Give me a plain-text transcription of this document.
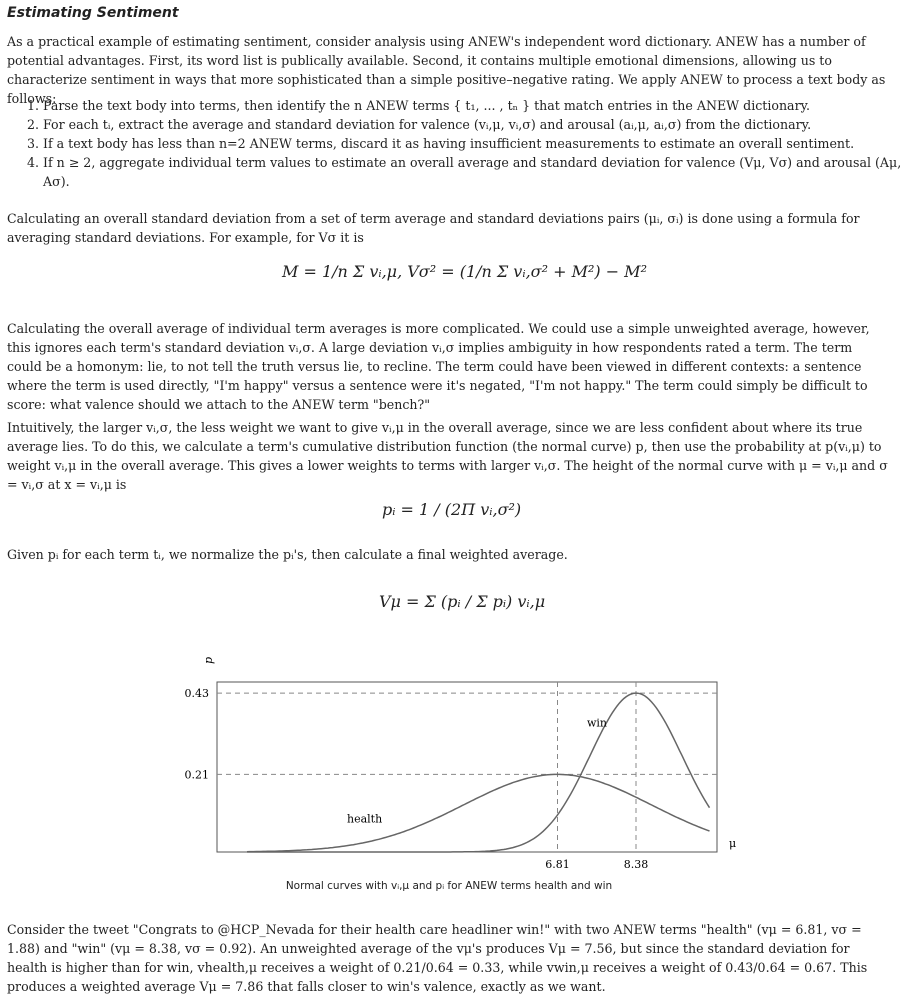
Estimating Sentiment

As a practical example of estimating sentiment, consider analysis using ANEW's independent word dictionary. ANEW has a number of potential advantages. First, its word list is publically available. Second, it contains multiple emotional dimensions, allowing us to characterize sentiment in ways that more sophisticated than a simple positive–negative rating. We apply ANEW to process a text body as follows:

1. Parse the text body into terms, then identify the n ANEW terms { t₁, ... , tₙ } that match entries in the ANEW dictionary.
2. For each tᵢ, extract the average and standard deviation for valence (vᵢ,μ, vᵢ,σ) and arousal (aᵢ,μ, aᵢ,σ) from the dictionary.
3. If a text body has less than n=2 ANEW terms, discard it as having insufficient measurements to estimate an overall sentiment.
4. If n ≥ 2, aggregate individual term values to estimate an overall average and standard deviation for valence (Vμ, Vσ) and arousal (Aμ, Aσ).

Calculating an overall standard deviation from a set of term average and standard deviations pairs (μᵢ, σᵢ) is done using a formula for averaging standard deviations. For example, for Vσ it is

M = 1/n Σ vᵢ,μ, Vσ² = (1/n Σ vᵢ,σ² + M²) − M²

Calculating the overall average of individual term averages is more complicated. We could use a simple unweighted average, however, this ignores each term's standard deviation vᵢ,σ. A large deviation vᵢ,σ implies ambiguity in how respondents rated a term. The term could be a homonym: lie, to not tell the truth versus lie, to recline. The term could have been viewed in different contexts: a sentence where the term is used directly, "I'm happy" versus a sentence were it's negated, "I'm not happy." The term could simply be difficult to score: what valence should we attach to the ANEW term "bench?"

Intuitively, the larger vᵢ,σ, the less weight we want to give vᵢ,μ in the overall average, since we are less confident about where its true average lies. To do this, we calculate a term's cumulative distribution function (the normal curve) p, then use the probability at p(vᵢ,μ) to weight vᵢ,μ in the overall average. This gives a lower weights to terms with larger vᵢ,σ. The height of the normal curve with μ = vᵢ,μ and σ = vᵢ,σ at x = vᵢ,μ is

pᵢ = 1 / (2Π vᵢ,σ²)

Given pᵢ for each term tᵢ, we normalize the pᵢ's, then calculate a final weighted average.

Vμ = Σ (pᵢ / Σ pᵢ) vᵢ,μ
p
0.43
0.21
6.81	8.38
health
win
μ
Normal curves with vᵢ,μ and pᵢ for ANEW terms health and win

Consider the tweet "Congrats to @HCP_Nevada for their health care headliner win!" with two ANEW terms "health" (vμ = 6.81, vσ = 1.88) and "win" (vμ = 8.38, vσ = 0.92). An unweighted average of the vμ's produces Vμ = 7.56, but since the standard deviation for health is higher than for win, vhealth,μ receives a weight of 0.21/0.64 = 0.33, while vwin,μ receives a weight of 0.43/0.64 = 0.67. This produces a weighted average Vμ = 7.86 that falls closer to win's valence, exactly as we want.
